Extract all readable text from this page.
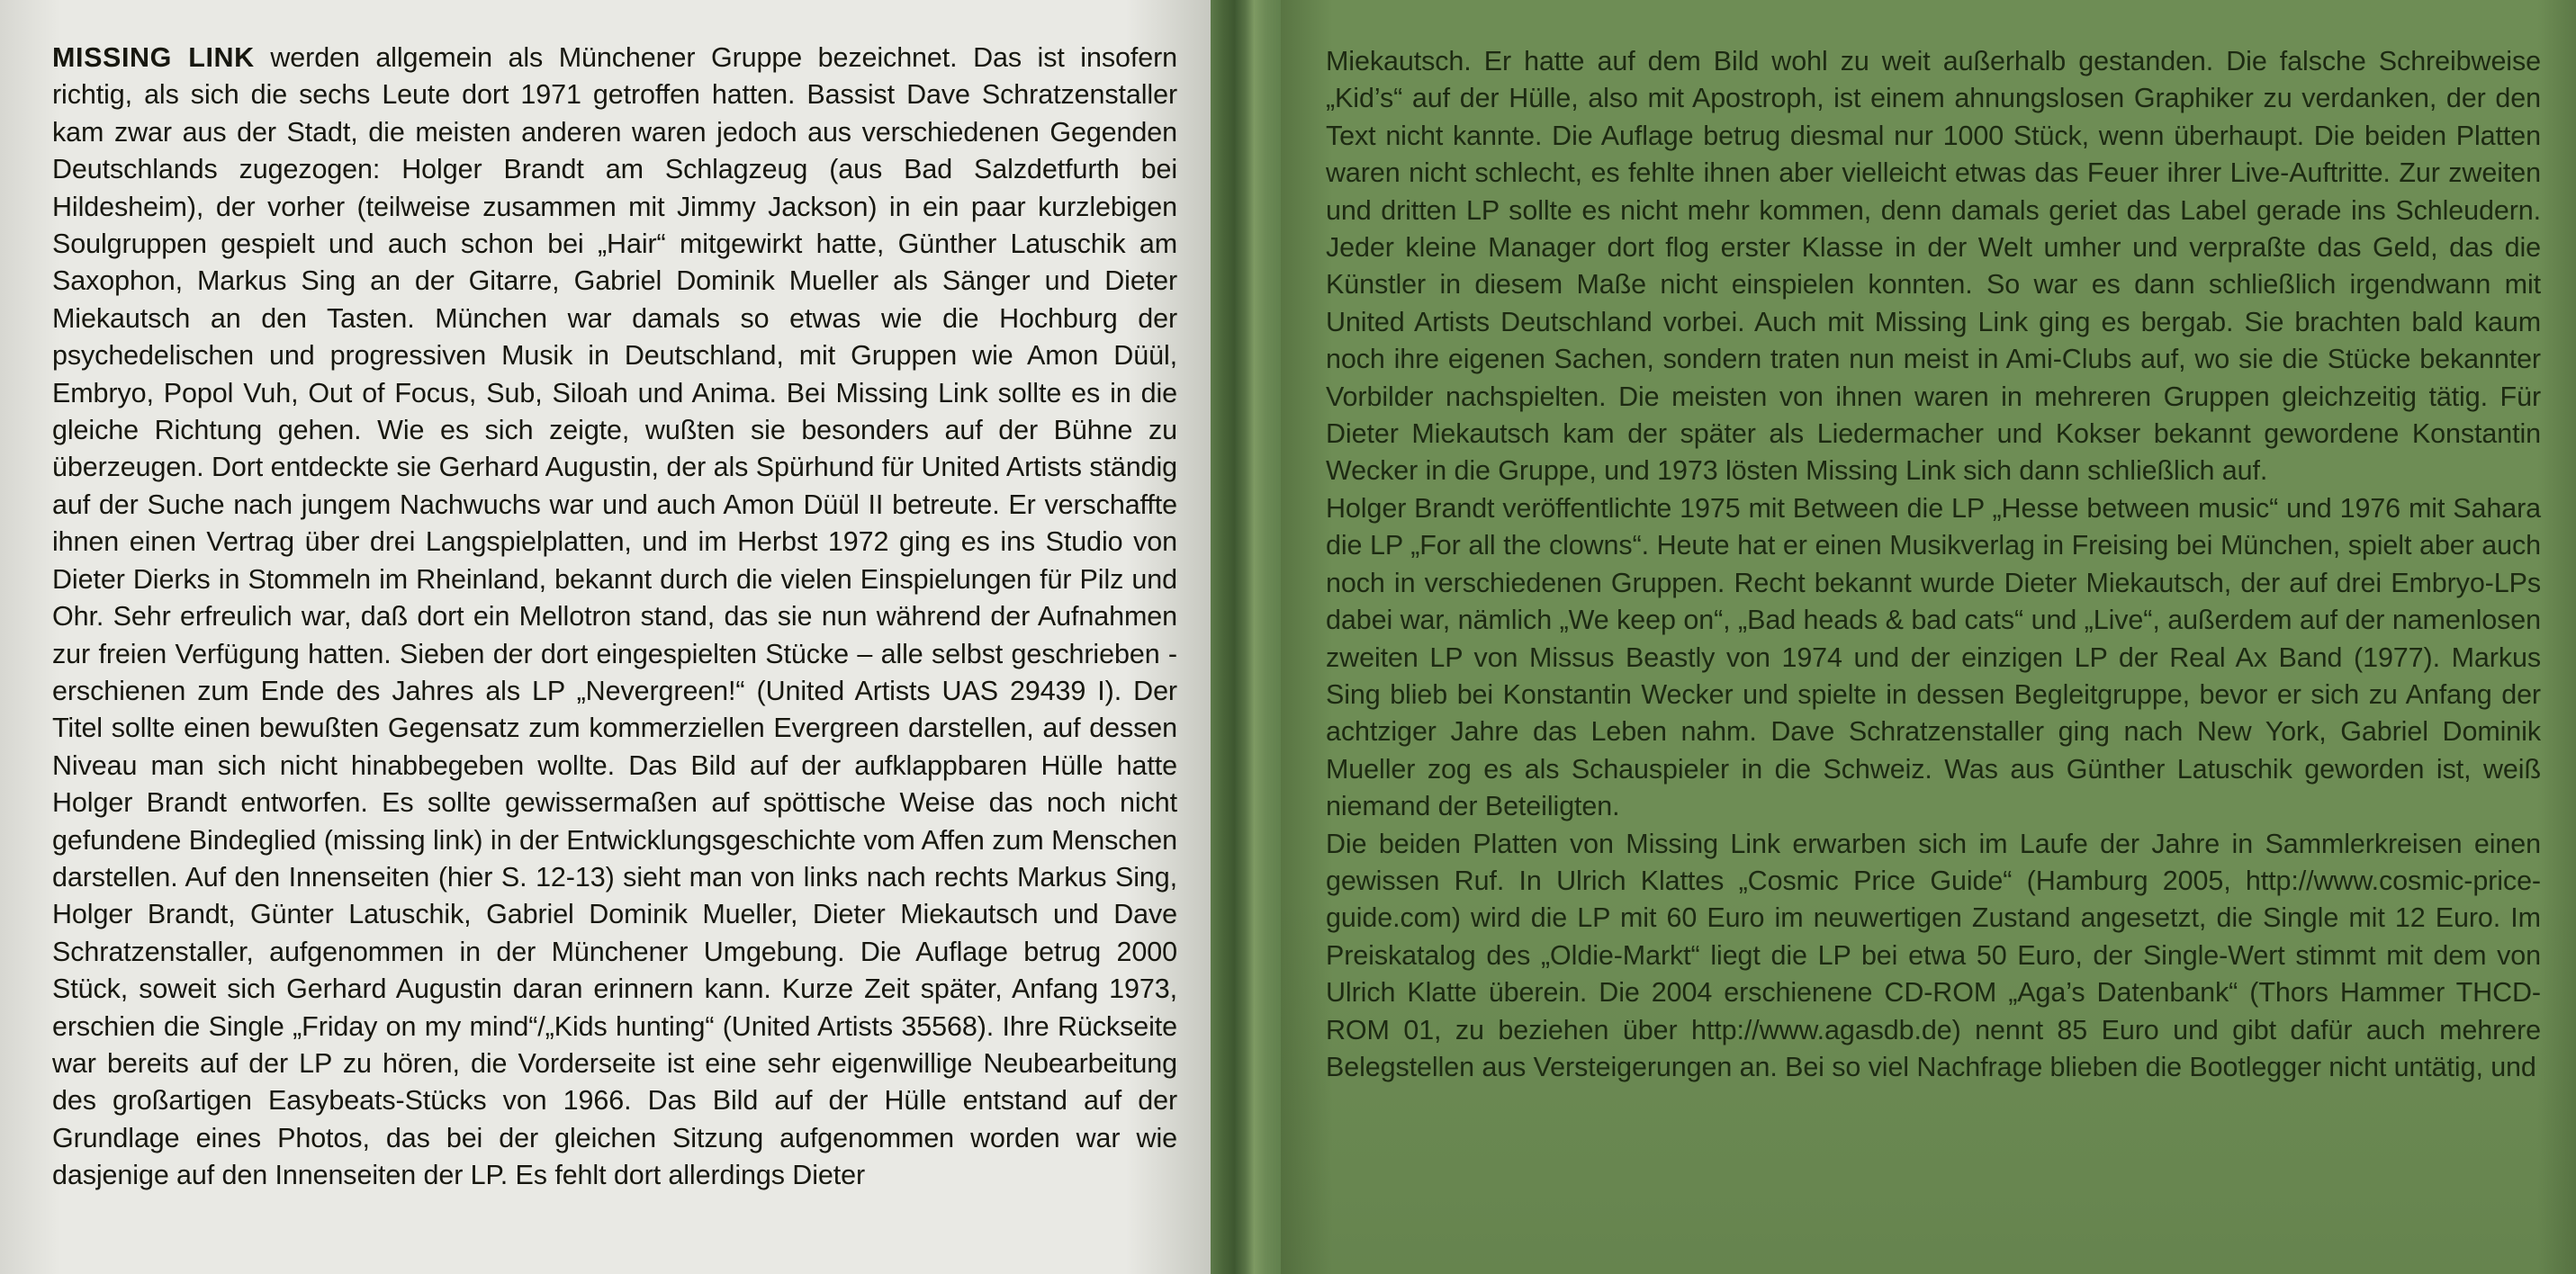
MISSING LINK werden allgemein als Münchener Gruppe bezeichnet. Das ist insofern richtig, als sich die sechs Leute dort 1971 getroffen hatten. Bassist Dave Schratzenstaller kam zwar aus der Stadt, die meisten anderen waren jedoch aus verschiedenen Gegenden Deutschlands zugezogen: Holger Brandt am Schlagzeug (aus Bad Salzdetfurth bei Hildesheim), der vorher (teilweise zusammen mit Jimmy Jackson) in ein paar kurzlebigen Soulgruppen gespielt und auch schon bei „Hair“ mitgewirkt hatte, Günther Latuschik am Saxophon, Markus Sing an der Gitarre, Gabriel Dominik Mueller als Sänger und Dieter Miekautsch an den Tasten. München war damals so etwas wie die Hochburg der psychedelischen und progressiven Musik in Deutschland, mit Gruppen wie Amon Düül, Embryo, Popol Vuh, Out of Focus, Sub, Siloah und Anima. Bei Missing Link sollte es in die gleiche Richtung gehen. Wie es sich zeigte, wußten sie besonders auf der Bühne zu überzeugen. Dort entdeckte sie Gerhard Augustin, der als Spürhund für United Artists ständig auf der Suche nach jungem Nachwuchs war und auch Amon Düül II betreute. Er verschaffte ihnen einen Vertrag über drei Langspielplatten, und im Herbst 1972 ging es ins Studio von Dieter Dierks in Stommeln im Rheinland, bekannt durch die vielen Einspielungen für Pilz und Ohr. Sehr erfreulich war, daß dort ein Mellotron stand, das sie nun während der Aufnahmen zur freien Verfügung hatten. Sieben der dort eingespielten Stücke – alle selbst geschrieben - erschienen zum Ende des Jahres als LP „Nevergreen!“ (United Artists UAS 29439 I). Der Titel sollte einen bewußten Gegensatz zum kommerziellen Evergreen darstellen, auf dessen Niveau man sich nicht hinabbegeben wollte. Das Bild auf der aufklappbaren Hülle hatte Holger Brandt entworfen. Es sollte gewissermaßen auf spöttische Weise das noch nicht gefundene Bindeglied (missing link) in der Entwicklungsgeschichte vom Affen zum Menschen darstellen. Auf den Innenseiten (hier S. 12-13) sieht man von links nach rechts Markus Sing, Holger Brandt, Günter Latuschik, Gabriel Dominik Mueller, Dieter Miekautsch und Dave Schratzenstaller, aufgenommen in der Münchener Umgebung. Die Auflage betrug 2000 Stück, soweit sich Gerhard Augustin daran erinnern kann. Kurze Zeit später, Anfang 1973, erschien die Single „Friday on my mind“/„Kids hunting“ (United Artists 35568). Ihre Rückseite war bereits auf der LP zu hören, die Vorderseite ist eine sehr eigenwillige Neubearbeitung des großartigen Easybeats-Stücks von 1966. Das Bild auf der Hülle entstand auf der Grundlage eines Photos, das bei der gleichen Sitzung aufgenommen worden war wie dasjenige auf den Innenseiten der LP. Es fehlt dort allerdings Dieter

Miekautsch. Er hatte auf dem Bild wohl zu weit außerhalb gestanden. Die falsche Schreibweise „Kid’s“ auf der Hülle, also mit Apostroph, ist einem ahnungslosen Graphiker zu verdanken, der den Text nicht kannte. Die Auflage betrug diesmal nur 1000 Stück, wenn überhaupt. Die beiden Platten waren nicht schlecht, es fehlte ihnen aber vielleicht etwas das Feuer ihrer Live-Auftritte. Zur zweiten und dritten LP sollte es nicht mehr kommen, denn damals geriet das Label gerade ins Schleudern. Jeder kleine Manager dort flog erster Klasse in der Welt umher und verpraßte das Geld, das die Künstler in diesem Maße nicht einspielen konnten. So war es dann schließlich irgendwann mit United Artists Deutschland vorbei. Auch mit Missing Link ging es bergab. Sie brachten bald kaum noch ihre eigenen Sachen, sondern traten nun meist in Ami-Clubs auf, wo sie die Stücke bekannter Vorbilder nachspielten. Die meisten von ihnen waren in mehreren Gruppen gleichzeitig tätig. Für Dieter Miekautsch kam der später als Liedermacher und Kokser bekannt gewordene Konstantin Wecker in die Gruppe, und 1973 lösten Missing Link sich dann schließlich auf.

Holger Brandt veröffentlichte 1975 mit Between die LP „Hesse between music“ und 1976 mit Sahara die LP „For all the clowns“. Heute hat er einen Musikverlag in Freising bei München, spielt aber auch noch in verschiedenen Gruppen. Recht bekannt wurde Dieter Miekautsch, der auf drei Embryo-LPs dabei war, nämlich „We keep on“, „Bad heads & bad cats“ und „Live“, außerdem auf der namenlosen zweiten LP von Missus Beastly von 1974 und der einzigen LP der Real Ax Band (1977). Markus Sing blieb bei Konstantin Wecker und spielte in dessen Begleitgruppe, bevor er sich zu Anfang der achtziger Jahre das Leben nahm. Dave Schratzenstaller ging nach New York, Gabriel Dominik Mueller zog es als Schauspieler in die Schweiz. Was aus Günther Latuschik geworden ist, weiß niemand der Beteiligten.

Die beiden Platten von Missing Link erwarben sich im Laufe der Jahre in Sammlerkreisen einen gewissen Ruf. In Ulrich Klattes „Cosmic Price Guide“ (Hamburg 2005, http://www.cosmic-price-guide.com) wird die LP mit 60 Euro im neuwertigen Zustand angesetzt, die Single mit 12 Euro. Im Preiskatalog des „Oldie-Markt“ liegt die LP bei etwa 50 Euro, der Single-Wert stimmt mit dem von Ulrich Klatte überein. Die 2004 erschienene CD-ROM „Aga’s Datenbank“ (Thors Hammer THCD-ROM 01, zu beziehen über http://www.agasdb.de) nennt 85 Euro und gibt dafür auch mehrere Belegstellen aus Versteigerungen an. Bei so viel Nachfrage blieben die Bootlegger nicht untätig, und
